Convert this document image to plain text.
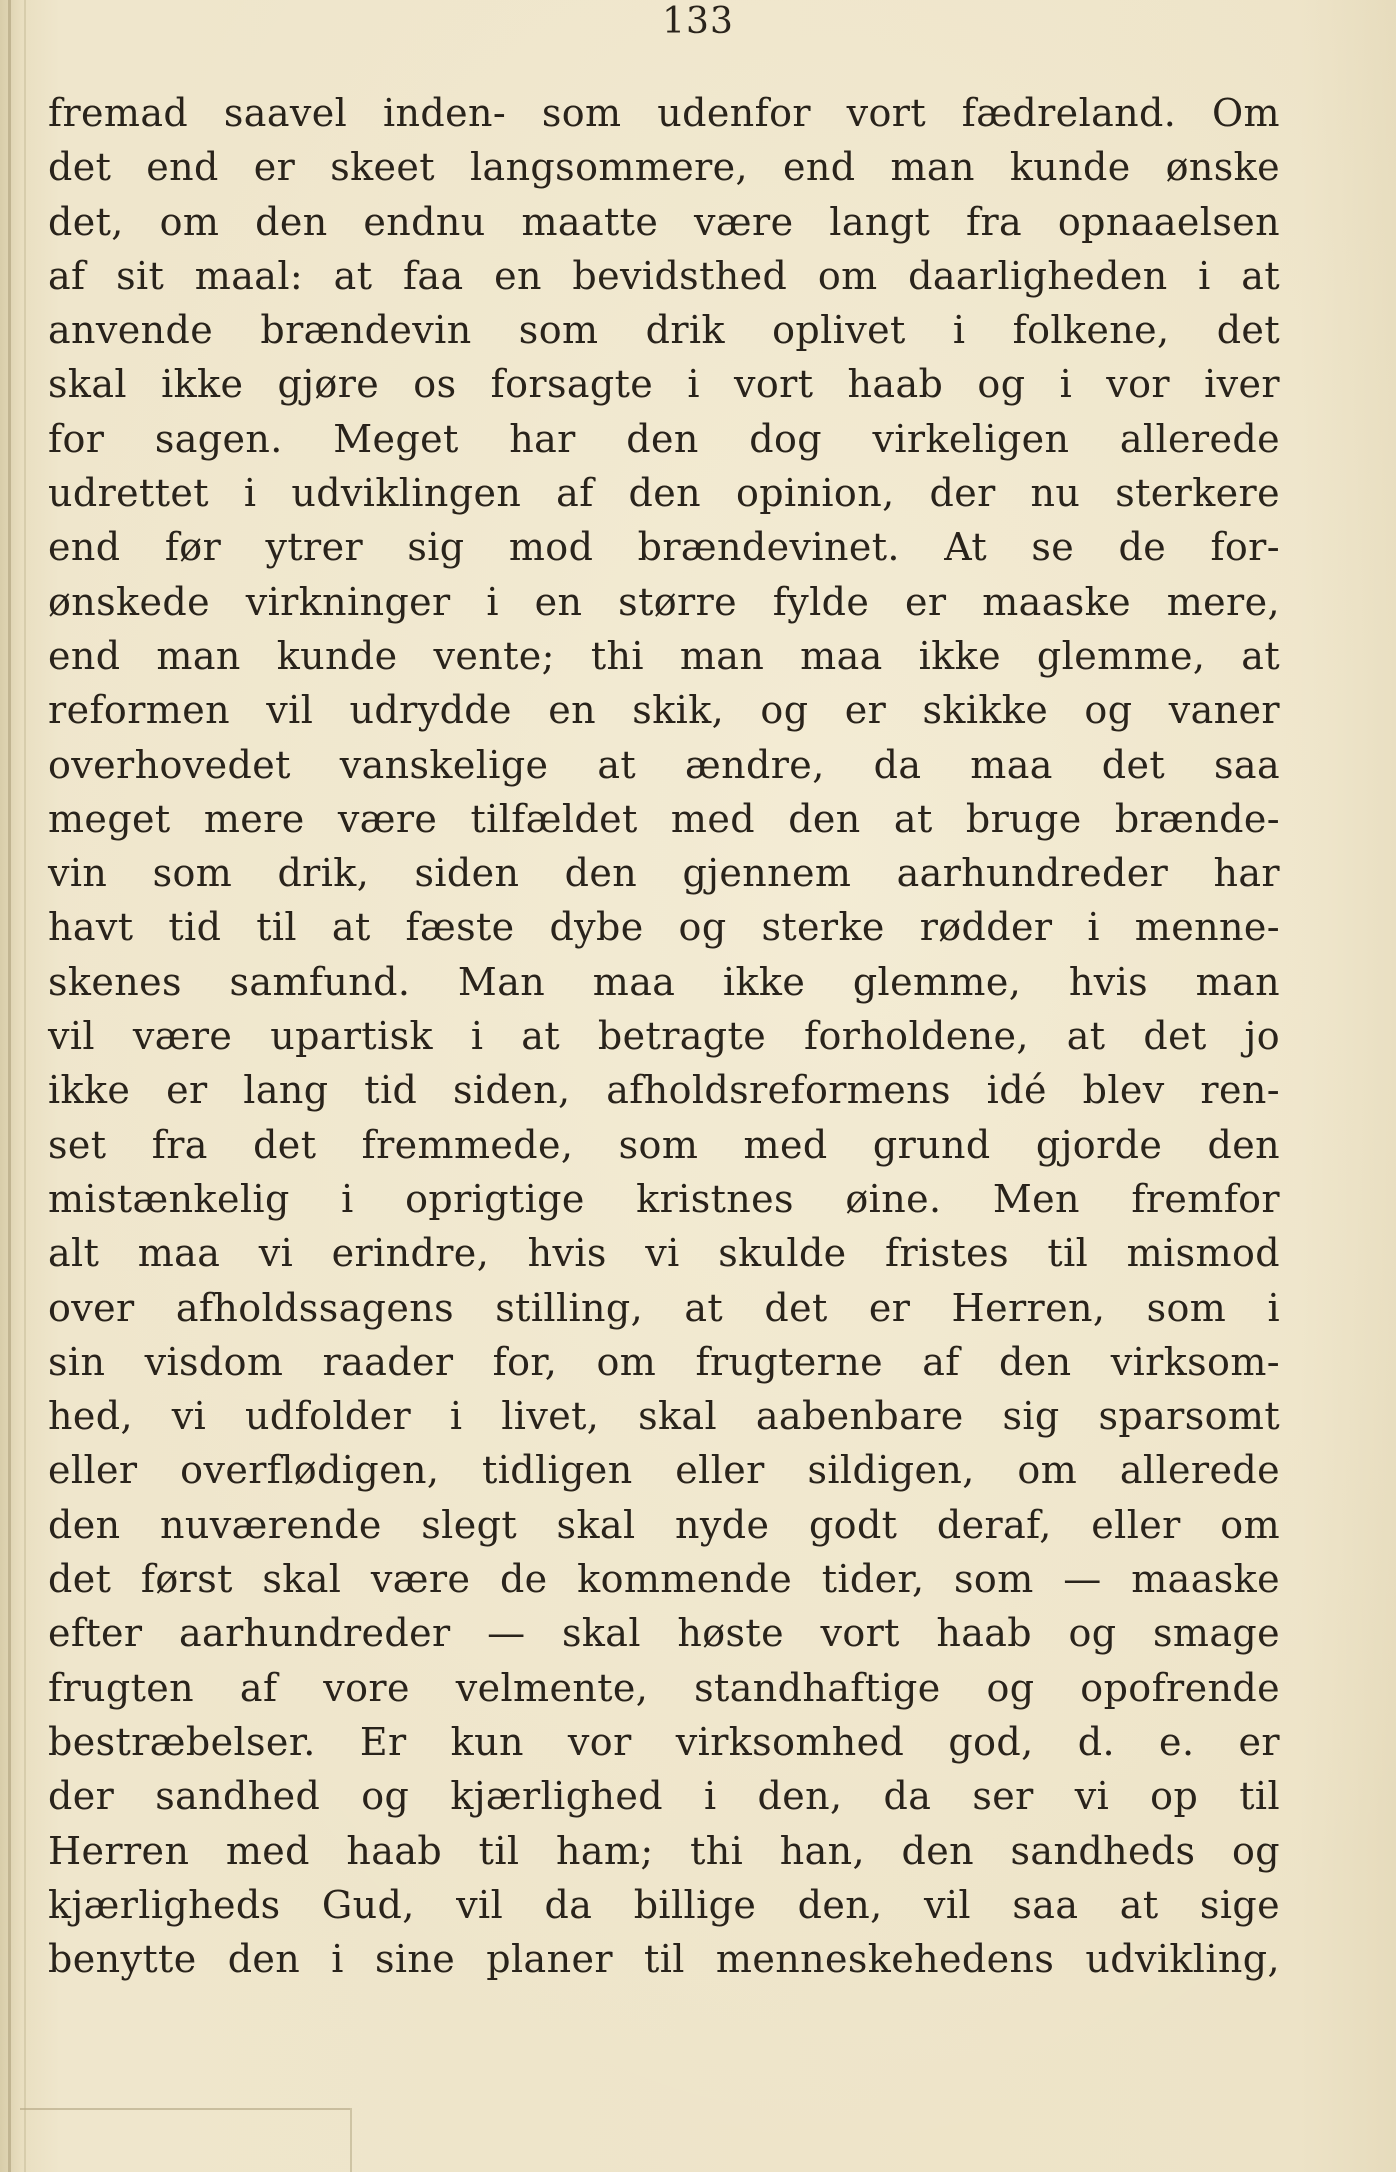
133
fremad saavel inden- som udenfor vort fædreland. Om
det end er skeet langsommere, end man kunde ønske
det, om den endnu maatte være langt fra opnaaelsen
af sit maal: at faa en bevidsthed om daarligheden i at
anvende brændevin som drik oplivet i folkene, det
skal ikke gjøre os forsagte i vort haab og i vor iver
for sagen. Meget har den dog virkeligen allerede
udrettet i udviklingen af den opinion, der nu sterkere
end før ytrer sig mod brændevinet. At se de for-
ønskede virkninger i en større fylde er maaske mere,
end man kunde vente; thi man maa ikke glemme, at
reformen vil udrydde en skik, og er skikke og vaner
overhovedet vanskelige at ændre, da maa det saa
meget mere være tilfældet med den at bruge brænde-
vin som drik, siden den gjennem aarhundreder har
havt tid til at fæste dybe og sterke rødder i menne-
skenes samfund. Man maa ikke glemme, hvis man
vil være upartisk i at betragte forholdene, at det jo
ikke er lang tid siden, afholdsreformens idé blev ren-
set fra det fremmede, som med grund gjorde den
mistænkelig i oprigtige kristnes øine. Men fremfor
alt maa vi erindre, hvis vi skulde fristes til mismod
over afholdssagens stilling, at det er Herren, som i
sin visdom raader for, om frugterne af den virksom-
hed, vi udfolder i livet, skal aabenbare sig sparsomt
eller overflødigen, tidligen eller sildigen, om allerede
den nuværende slegt skal nyde godt deraf, eller om
det først skal være de kommende tider, som — maaske
efter aarhundreder — skal høste vort haab og smage
frugten af vore velmente, standhaftige og opofrende
bestræbelser. Er kun vor virksomhed god, d. e. er
der sandhed og kjærlighed i den, da ser vi op til
Herren med haab til ham; thi han, den sandheds og
kjærligheds Gud, vil da billige den, vil saa at sige
benytte den i sine planer til menneskehedens udvikling,
